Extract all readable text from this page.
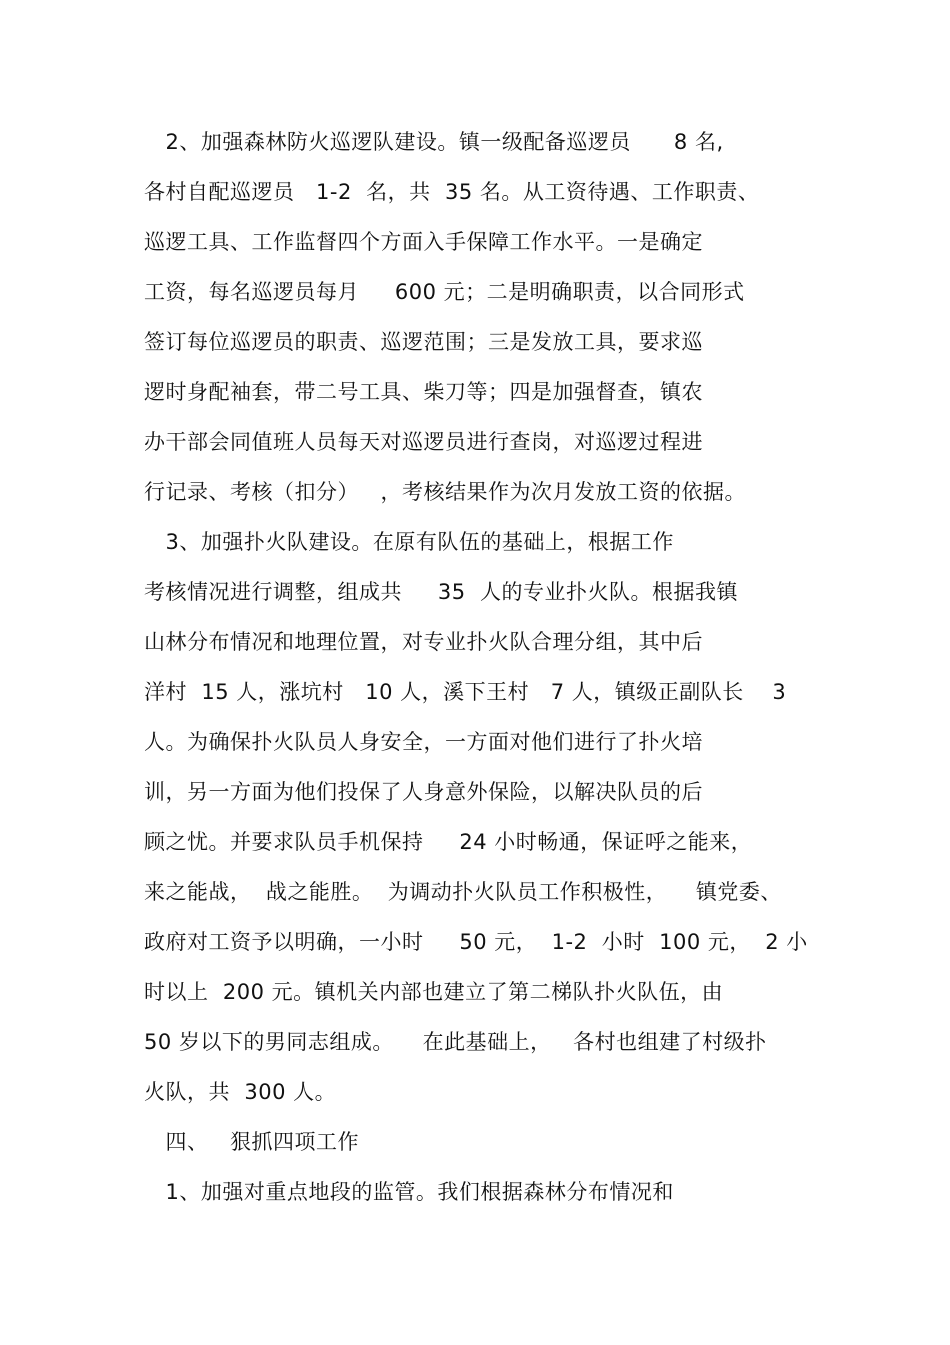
2、加强森林防火巡逻队建设。镇一级配备巡逻员      8 名,
各村自配巡逻员   1-2  名，共  35 名。从工资待遇、工作职责、
巡逻工具、工作监督四个方面入手保障工作水平。一是确定
工资，每名巡逻员每月     600 元；二是明确职责，以合同形式
签订每位巡逻员的职责、巡逻范围；三是发放工具，要求巡
逻时身配袖套，带二号工具、柴刀等；四是加强督查，镇农
办干部会同值班人员每天对巡逻员进行查岗，对巡逻过程进
行记录、考核（扣分）   ，考核结果作为次月发放工资的依据。
3、加强扑火队建设。在原有队伍的基础上，根据工作
考核情况进行调整，组成共     35  人的专业扑火队。根据我镇
山林分布情况和地理位置，对专业扑火队合理分组，其中后
洋村  15 人，涨坑村   10 人，溪下王村   7 人，镇级正副队长    3
人。为确保扑火队员人身安全，一方面对他们进行了扑火培
训，另一方面为他们投保了人身意外保险，以解决队员的后
顾之忧。并要求队员手机保持     24 小时畅通，保证呼之能来，
来之能战，  战之能胜。  为调动扑火队员工作积极性，    镇党委、
政府对工资予以明确，一小时     50 元，  1-2  小时  100 元，  2 小
时以上  200 元。镇机关内部也建立了第二梯队扑火队伍，由
50 岁以下的男同志组成。    在此基础上，   各村也组建了村级扑
火队，共  300 人。
四、   狠抓四项工作
1、加强对重点地段的监管。我们根据森林分布情况和
